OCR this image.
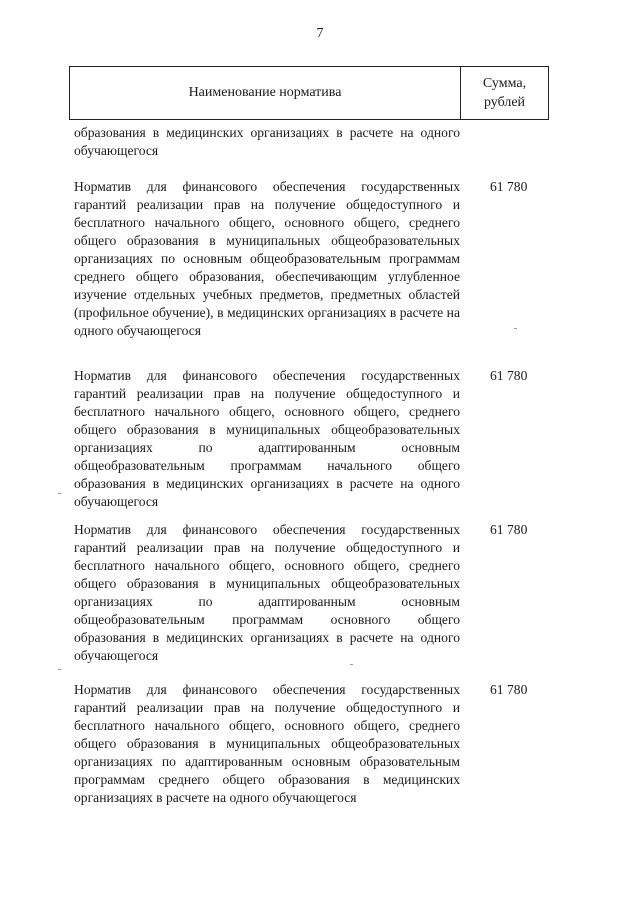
7
Наименование норматива
Сумма, рублей

образования в медицинских организациях в расчете на одного обучающегося

Норматив для финансового обеспечения государственных гарантий реализации прав на получение общедоступного и бесплатного начального общего, основного общего, среднего общего образования в муниципальных общеобразовательных организациях по основным общеобразовательным программам среднего общего образования, обеспечивающим углубленное изучение отдельных учебных предметов, предметных областей (профильное обучение), в медицинских организациях в расчете на одного обучающегося

61 780

Норматив для финансового обеспечения государственных гарантий реализации прав на получение общедоступного и бесплатного начального общего, основного общего, среднего общего образования в муниципальных общеобразовательных организациях по адаптированным основным общеобразовательным программам начального общего образования в медицинских организациях в расчете на одного обучающегося

61 780

Норматив для финансового обеспечения государственных гарантий реализации прав на получение общедоступного и бесплатного начального общего, основного общего, среднего общего образования в муниципальных общеобразовательных организациях по адаптированным основным общеобразовательным программам основного общего образования в медицинских организациях в расчете на одного обучающегося

61 780

Норматив для финансового обеспечения государственных гарантий реализации прав на получение общедоступного и бесплатного начального общего, основного общего, среднего общего образования в муниципальных общеобразовательных организациях по адаптированным основным образовательным программам среднего общего образования в медицинских организациях в расчете на одного обучающегося

61 780
